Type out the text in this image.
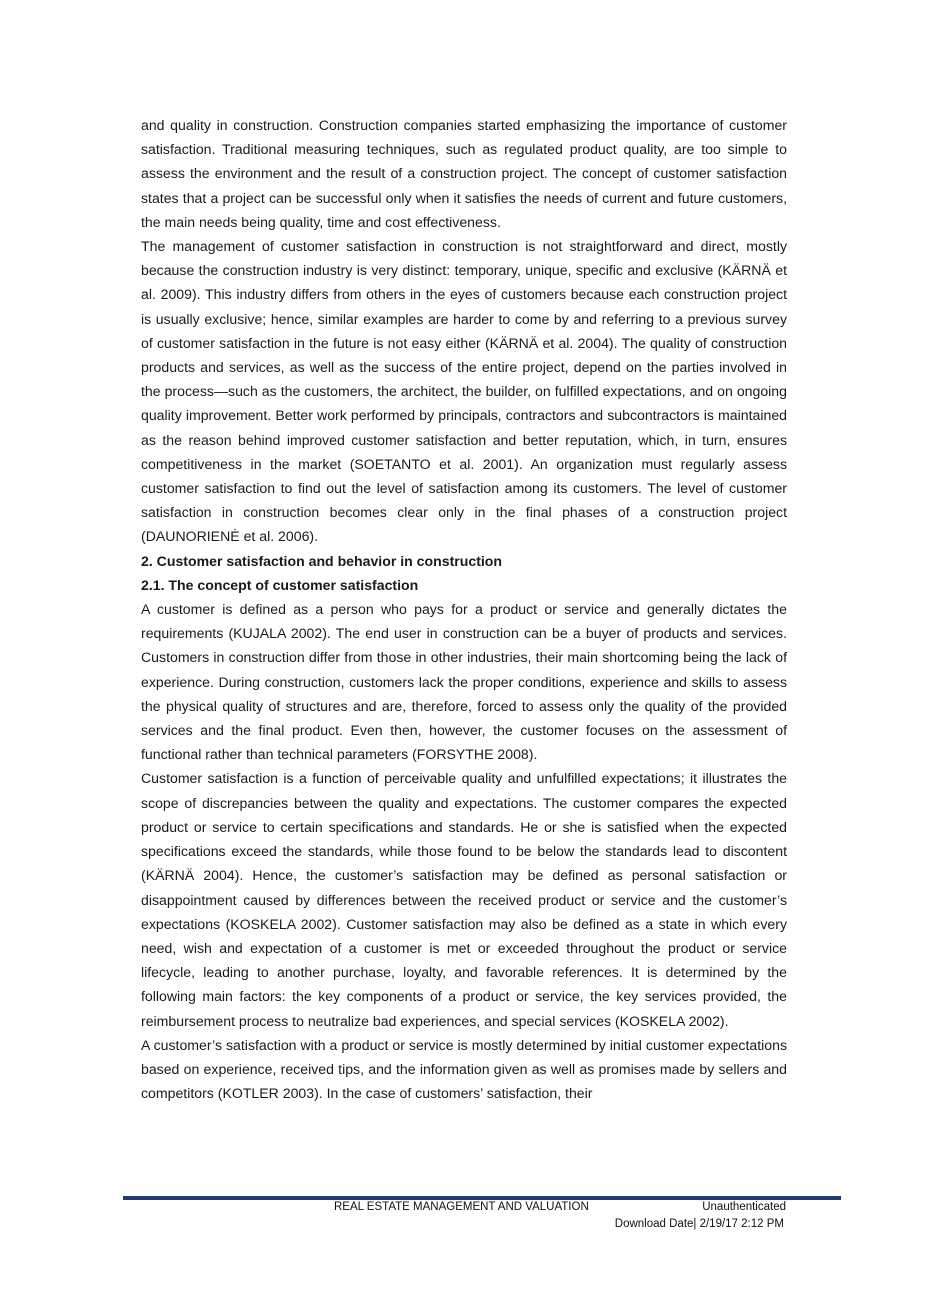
and quality in construction. Construction companies started emphasizing the importance of customer satisfaction. Traditional measuring techniques, such as regulated product quality, are too simple to assess the environment and the result of a construction project. The concept of customer satisfaction states that a project can be successful only when it satisfies the needs of current and future customers, the main needs being quality, time and cost effectiveness.

The management of customer satisfaction in construction is not straightforward and direct, mostly because the construction industry is very distinct: temporary, unique, specific and exclusive (KÄRNÄ et al. 2009). This industry differs from others in the eyes of customers because each construction project is usually exclusive; hence, similar examples are harder to come by and referring to a previous survey of customer satisfaction in the future is not easy either (KÄRNÄ et al. 2004). The quality of construction products and services, as well as the success of the entire project, depend on the parties involved in the process—such as the customers, the architect, the builder, on fulfilled expectations, and on ongoing quality improvement. Better work performed by principals, contractors and subcontractors is maintained as the reason behind improved customer satisfaction and better reputation, which, in turn, ensures competitiveness in the market (SOETANTO et al. 2001). An organization must regularly assess customer satisfaction to find out the level of satisfaction among its customers. The level of customer satisfaction in construction becomes clear only in the final phases of a construction project (DAUNORIENĖ et al. 2006).

2. Customer satisfaction and behavior in construction

2.1. The concept of customer satisfaction

A customer is defined as a person who pays for a product or service and generally dictates the requirements (KUJALA 2002). The end user in construction can be a buyer of products and services. Customers in construction differ from those in other industries, their main shortcoming being the lack of experience. During construction, customers lack the proper conditions, experience and skills to assess the physical quality of structures and are, therefore, forced to assess only the quality of the provided services and the final product. Even then, however, the customer focuses on the assessment of functional rather than technical parameters (FORSYTHE 2008).

Customer satisfaction is a function of perceivable quality and unfulfilled expectations; it illustrates the scope of discrepancies between the quality and expectations. The customer compares the expected product or service to certain specifications and standards. He or she is satisfied when the expected specifications exceed the standards, while those found to be below the standards lead to discontent (KÄRNÄ 2004). Hence, the customer’s satisfaction may be defined as personal satisfaction or disappointment caused by differences between the received product or service and the customer’s expectations (KOSKELA 2002). Customer satisfaction may also be defined as a state in which every need, wish and expectation of a customer is met or exceeded throughout the product or service lifecycle, leading to another purchase, loyalty, and favorable references. It is determined by the following main factors: the key components of a product or service, the key services provided, the reimbursement process to neutralize bad experiences, and special services (KOSKELA 2002).

A customer’s satisfaction with a product or service is mostly determined by initial customer expectations based on experience, received tips, and the information given as well as promises made by sellers and competitors (KOTLER 2003). In the case of customers’ satisfaction, their

REAL ESTATE MANAGEMENT AND VALUATION	Unauthenticated
Download Date| 2/19/17 2:12 PM
